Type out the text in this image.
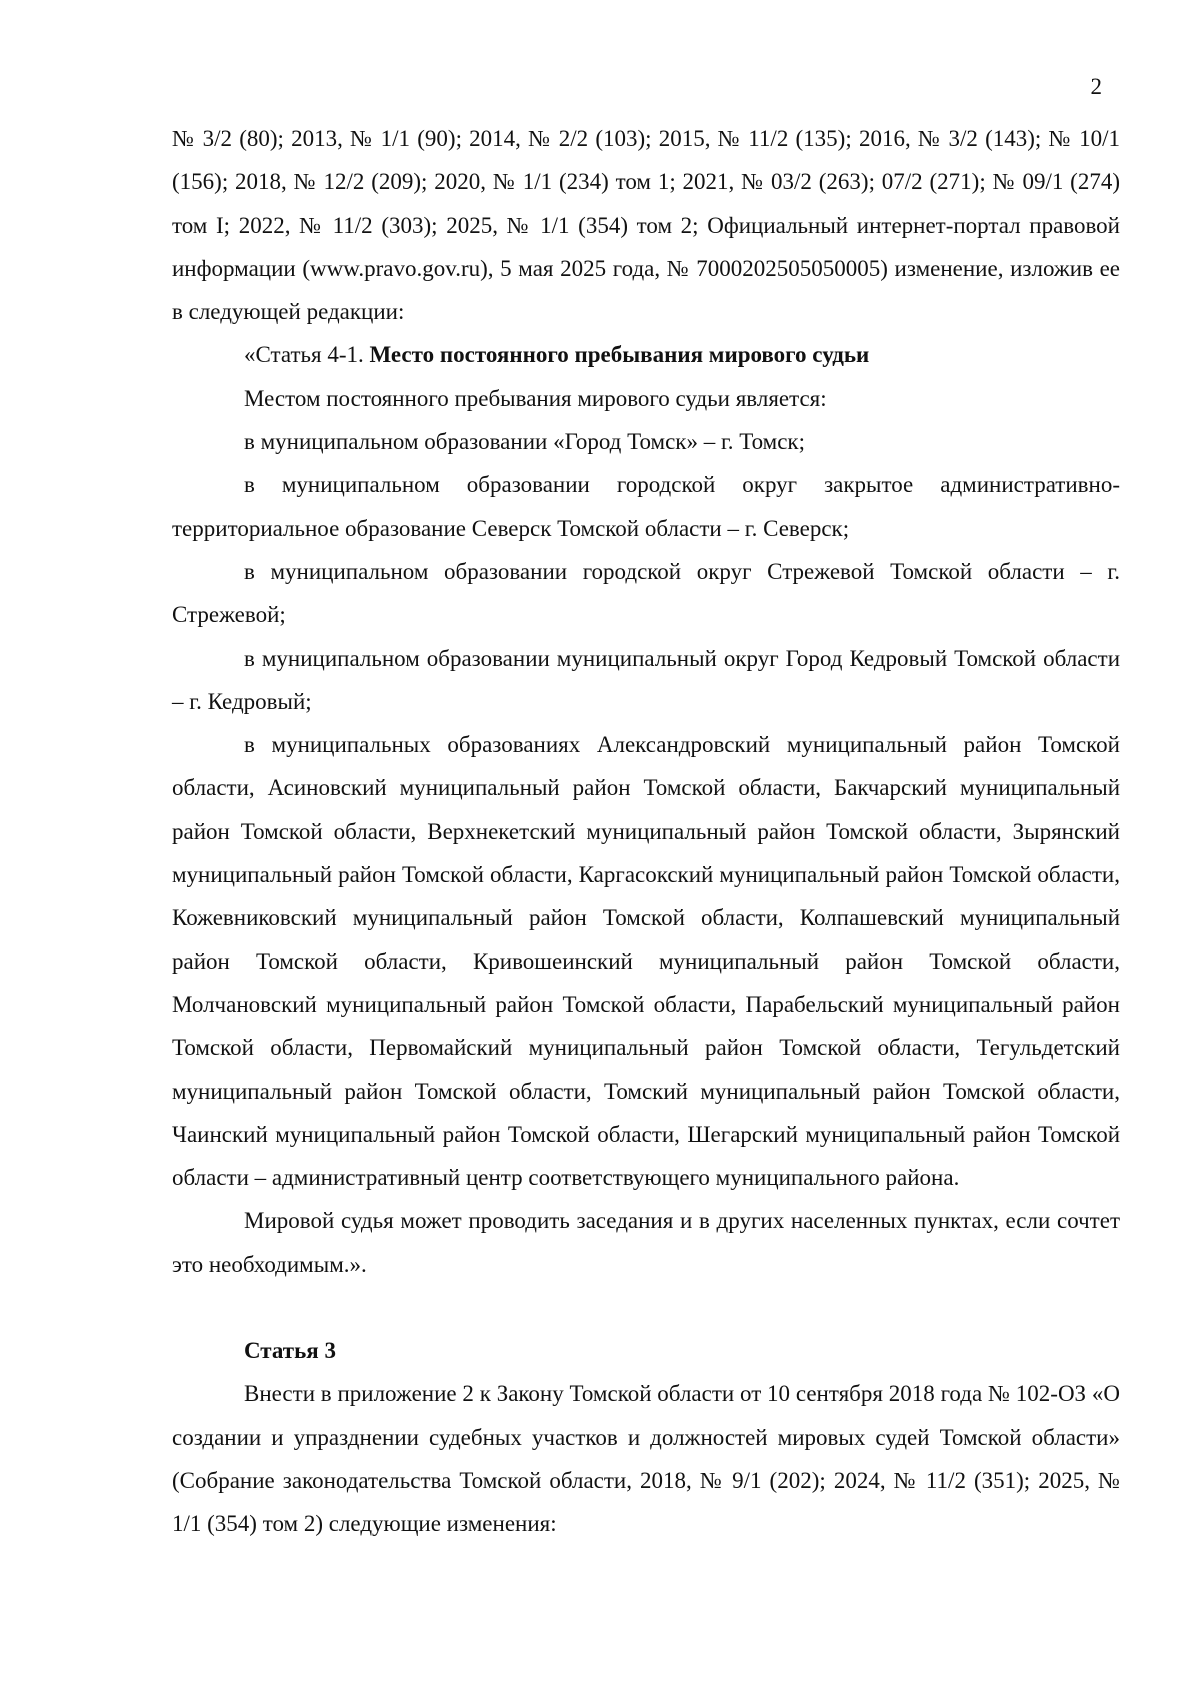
2

№ 3/2 (80); 2013, № 1/1 (90); 2014, № 2/2 (103); 2015, № 11/2 (135); 2016, № 3/2 (143); № 10/1 (156); 2018, № 12/2 (209); 2020, № 1/1 (234) том 1; 2021, № 03/2 (263); 07/2 (271); № 09/1 (274) том I; 2022, № 11/2 (303); 2025, № 1/1 (354) том 2; Официальный интернет-портал правовой информации (www.pravo.gov.ru), 5 мая 2025 года, № 7000202505050005) изменение, изложив ее в следующей редакции:

«Статья 4-1. Место постоянного пребывания мирового судьи

Местом постоянного пребывания мирового судьи является:

в муниципальном образовании «Город Томск» – г. Томск;

в муниципальном образовании городской округ закрытое административно-территориальное образование Северск Томской области – г. Северск;

в муниципальном образовании городской округ Стрежевой Томской области – г. Стрежевой;

в муниципальном образовании муниципальный округ Город Кедровый Томской области – г. Кедровый;

в муниципальных образованиях Александровский муниципальный район Томской области, Асиновский муниципальный район Томской области, Бакчарский муниципальный район Томской области, Верхнекетский муниципальный район Томской области, Зырянский муниципальный район Томской области, Каргасокский муниципальный район Томской области, Кожевниковский муниципальный район Томской области, Колпашевский муниципальный район Томской области, Кривошеинский муниципальный район Томской области, Молчановский муниципальный район Томской области, Парабельский муниципальный район Томской области, Первомайский муниципальный район Томской области, Тегульдетский муниципальный район Томской области, Томский муниципальный район Томской области, Чаинский муниципальный район Томской области, Шегарский муниципальный район Томской области – административный центр соответствующего муниципального района.

Мировой судья может проводить заседания и в других населенных пунктах, если сочтет это необходимым.».

Статья 3

Внести в приложение 2 к Закону Томской области от 10 сентября 2018 года № 102-ОЗ «О создании и упразднении судебных участков и должностей мировых судей Томской области» (Собрание законодательства Томской области, 2018, № 9/1 (202); 2024, № 11/2 (351); 2025, № 1/1 (354) том 2) следующие изменения:
